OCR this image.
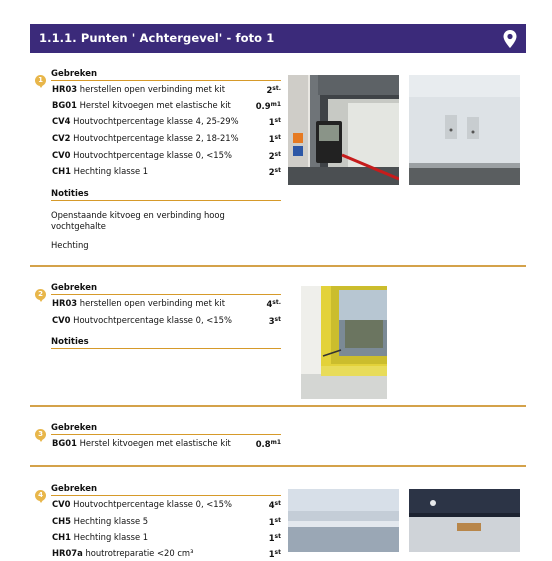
1.1.1. Punten ' Achtergevel' - foto 1
1
Gebreken
HR03 herstellen open verbinding met kit	$2^{st.}$
BG01 Herstel kitvoegen met elastische kit	$0.9^{m1}$
CV4 Houtvochtpercentage klasse 4, 25-29%	1st
CV2 Houtvochtpercentage klasse 2, 18-21%	1st
CV0 Houtvochtpercentage klasse 0, <15%	2st
CH1 Hechting klasse 1	2st
Notities
Openstaande kitvoeg en verbinding hoog vochtgehalte
Hechting
2
Gebreken
HR03 herstellen open verbinding met kit	$4^{st.}$
CV0 Houtvochtpercentage klasse 0, <15%	3st
Notities
3
Gebreken
BG01 Herstel kitvoegen met elastische kit	$0.8^{m1}$
4
Gebreken
CV0 Houtvochtpercentage klasse 0, <15%	4st
CH5 Hechting klasse 5	1st
CH1 Hechting klasse 1	1st
HR07a houtrotreparatie <20 cm³	1st
